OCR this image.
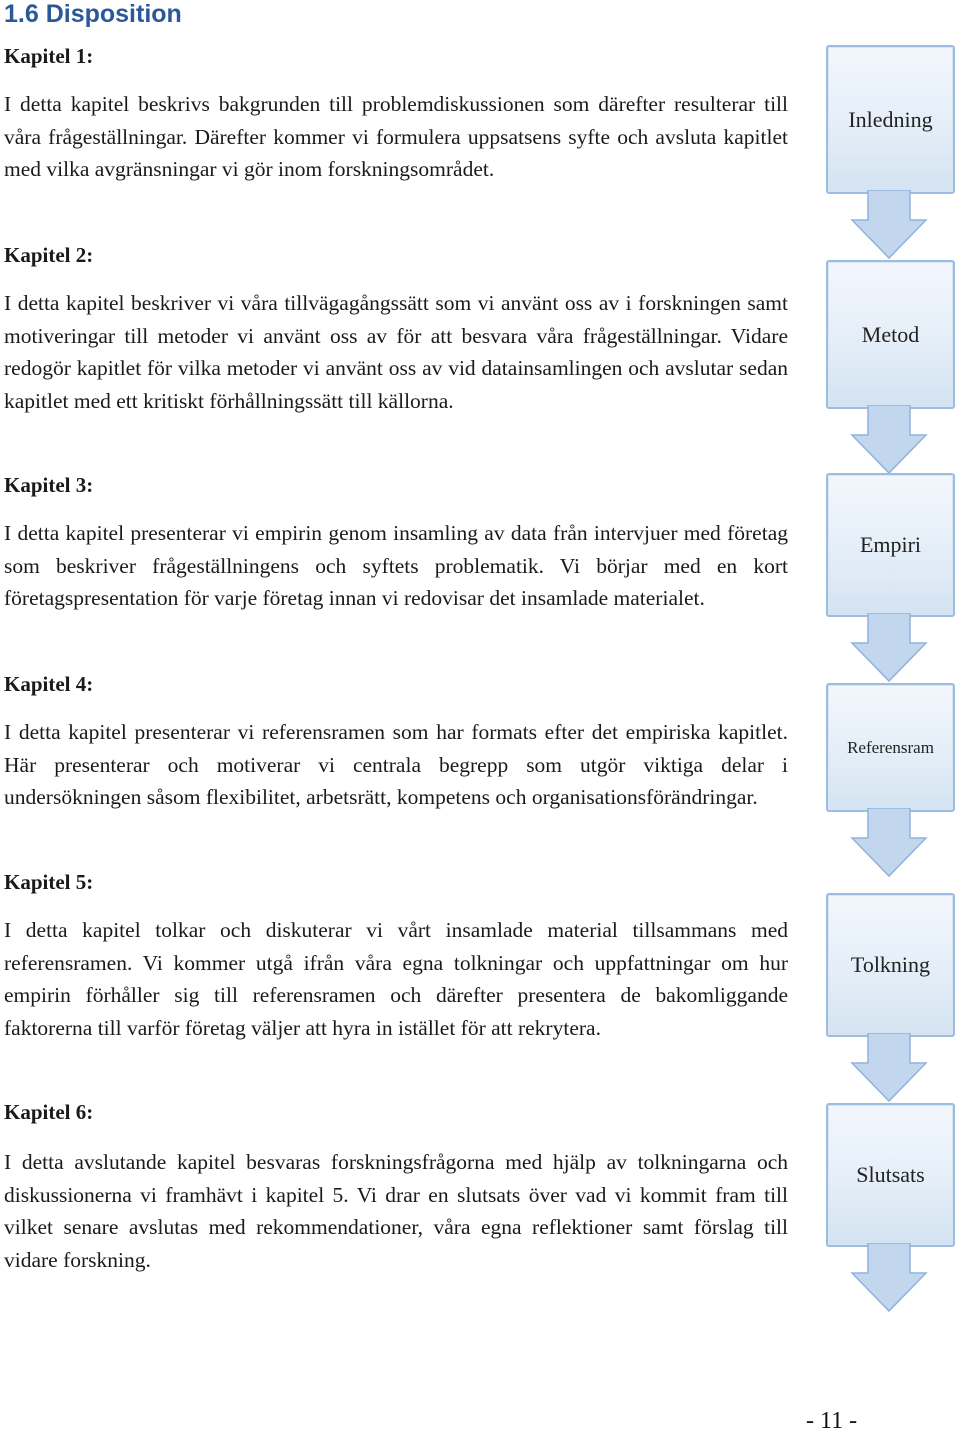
1.6 Disposition

Kapitel 1:

I detta kapitel beskrivs bakgrunden till problemdiskussionen som därefter resulterar till våra frågeställningar. Därefter kommer vi formulera uppsatsens syfte och avsluta kapitlet med vilka avgränsningar vi gör inom forskningsområdet.

Kapitel 2:

I detta kapitel beskriver vi våra tillvägagångssätt som vi använt oss av i forskningen samt motiveringar till metoder vi använt oss av för att besvara våra frågeställningar. Vidare redogör kapitlet för vilka metoder vi använt oss av vid datainsamlingen och avslutar sedan kapitlet med ett kritiskt förhållningssätt till källorna.

Kapitel 3:

I detta kapitel presenterar vi empirin genom insamling av data från intervjuer med företag som beskriver frågeställningens och syftets problematik. Vi börjar med en kort företagspresentation för varje företag innan vi redovisar det insamlade materialet.

Kapitel 4:

I detta kapitel presenterar vi referensramen som har formats efter det empiriska kapitlet. Här presenterar och motiverar vi centrala begrepp som utgör viktiga delar i undersökningen såsom flexibilitet, arbetsrätt, kompetens och organisationsförändringar.

Kapitel 5:

I detta kapitel tolkar och diskuterar vi vårt insamlade material tillsammans med referensramen. Vi kommer utgå ifrån våra egna tolkningar och uppfattningar om hur empirin förhåller sig till referensramen och därefter presentera de bakomliggande faktorerna till varför företag väljer att hyra in istället för att rekrytera.

Kapitel 6:

I detta avslutande kapitel besvaras forskningsfrågorna med hjälp av tolkningarna och diskussionerna vi framhävt i kapitel 5. Vi drar en slutsats över vad vi kommit fram till vilket senare avslutas med rekommendationer, våra egna reflektioner samt förslag till vidare forskning.

Inledning
Metod
Empiri
Referensram
Tolkning
Slutsats

- 11 -
